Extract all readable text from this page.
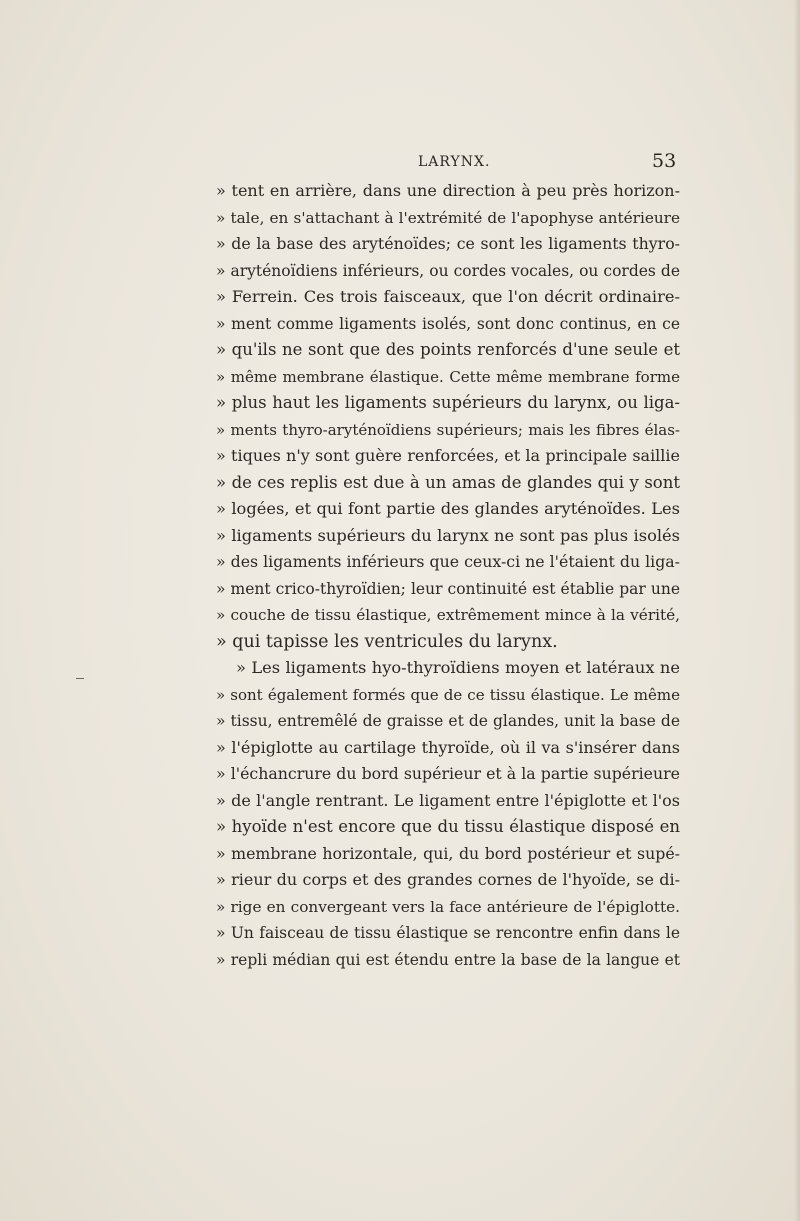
LARYNX.	53
» tent en arrière, dans une direction à peu près horizon-
» tale, en s'attachant à l'extrémité de l'apophyse antérieure
» de la base des aryténoïdes; ce sont les ligaments thyro-
» aryténoïdiens inférieurs, ou cordes vocales, ou cordes de
» Ferrein. Ces trois faisceaux, que l'on décrit ordinaire-
» ment comme ligaments isolés, sont donc continus, en ce
» qu'ils ne sont que des points renforcés d'une seule et
» même membrane élastique. Cette même membrane forme
» plus haut les ligaments supérieurs du larynx, ou liga-
» ments thyro-aryténoïdiens supérieurs; mais les fibres élas-
» tiques n'y sont guère renforcées, et la principale saillie
» de ces replis est due à un amas de glandes qui y sont
» logées, et qui font partie des glandes aryténoïdes. Les
» ligaments supérieurs du larynx ne sont pas plus isolés
» des ligaments inférieurs que ceux-ci ne l'étaient du liga-
» ment crico-thyroïdien; leur continuité est établie par une
» couche de tissu élastique, extrêmement mince à la vérité,
» qui tapisse les ventricules du larynx.
» Les ligaments hyo-thyroïdiens moyen et latéraux ne
» sont également formés que de ce tissu élastique. Le même
» tissu, entremêlé de graisse et de glandes, unit la base de
» l'épiglotte au cartilage thyroïde, où il va s'insérer dans
» l'échancrure du bord supérieur et à la partie supérieure
» de l'angle rentrant. Le ligament entre l'épiglotte et l'os
» hyoïde n'est encore que du tissu élastique disposé en
» membrane horizontale, qui, du bord postérieur et supé-
» rieur du corps et des grandes cornes de l'hyoïde, se di-
» rige en convergeant vers la face antérieure de l'épiglotte.
» Un faisceau de tissu élastique se rencontre enfin dans le
» repli médian qui est étendu entre la base de la langue et
